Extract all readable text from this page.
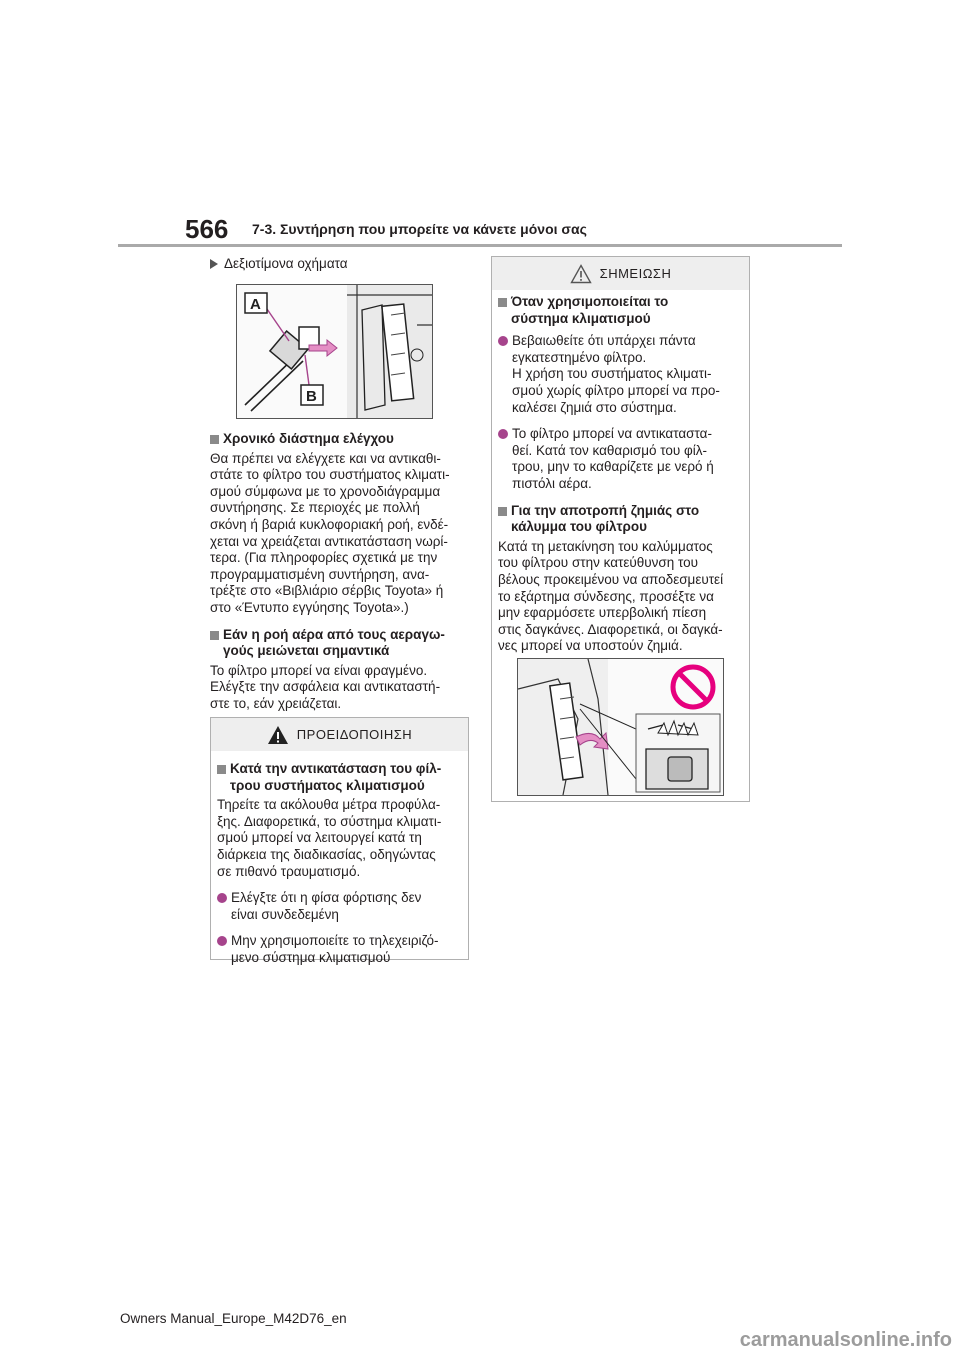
566 7-3. Συντήρηση που μπορείτε να κάνετε μόνοι σας
Δεξιοτίμονα οχήματα
A
B
Χρονικό διάστημα ελέγχου
Θα πρέπει να ελέγχετε και να αντικαθι-
στάτε το φίλτρο του συστήματος κλιματι-
σμού σύμφωνα με το χρονοδιάγραμμα
συντήρησης. Σε περιοχές με πολλή
σκόνη ή βαριά κυκλοφοριακή ροή, ενδέ-
χεται να χρειάζεται αντικατάσταση νωρί-
τερα. (Για πληροφορίες σχετικά με την
προγραμματισμένη συντήρηση, ανα-
τρέξτε στο «Βιβλιάριο σέρβις Toyota» ή
στο «Έντυπο εγγύησης Toyota».)
Εάν η ροή αέρα από τους αεραγω-
γούς μειώνεται σημαντικά
Το φίλτρο μπορεί να είναι φραγμένο.
Ελέγξτε την ασφάλεια και αντικαταστή-
στε το, εάν χρειάζεται.
ΠΡΟΕΙΔΟΠΟΙΗΣΗ
Κατά την αντικατάσταση του φίλ-
τρου συστήματος κλιματισμού
Τηρείτε τα ακόλουθα μέτρα προφύλα-
ξης. Διαφορετικά, το σύστημα κλιματι-
σμού μπορεί να λειτουργεί κατά τη
διάρκεια της διαδικασίας, οδηγώντας
σε πιθανό τραυματισμό.
Ελέγξτε ότι η φίσα φόρτισης δεν
είναι συνδεδεμένη
Μην χρησιμοποιείτε το τηλεχειριζό-
μενο σύστημα κλιματισμού
ΣΗΜΕΙΩΣΗ
Όταν χρησιμοποιείται το
σύστημα κλιματισμού
Βεβαιωθείτε ότι υπάρχει πάντα
εγκατεστημένο φίλτρο.
Η χρήση του συστήματος κλιματι-
σμού χωρίς φίλτρο μπορεί να προ-
καλέσει ζημιά στο σύστημα.
Το φίλτρο μπορεί να αντικαταστα-
θεί. Κατά τον καθαρισμό του φίλ-
τρου, μην το καθαρίζετε με νερό ή
πιστόλι αέρα.
Για την αποτροπή ζημιάς στο
κάλυμμα του φίλτρου
Κατά τη μετακίνηση του καλύμματος
του φίλτρου στην κατεύθυνση του
βέλους προκειμένου να αποδεσμευτεί
το εξάρτημα σύνδεσης, προσέξτε να
μην εφαρμόσετε υπερβολική πίεση
στις δαγκάνες. Διαφορετικά, οι δαγκά-
νες μπορεί να υποστούν ζημιά.
Owners Manual_Europe_M42D76_en
carmanualsonline.info
